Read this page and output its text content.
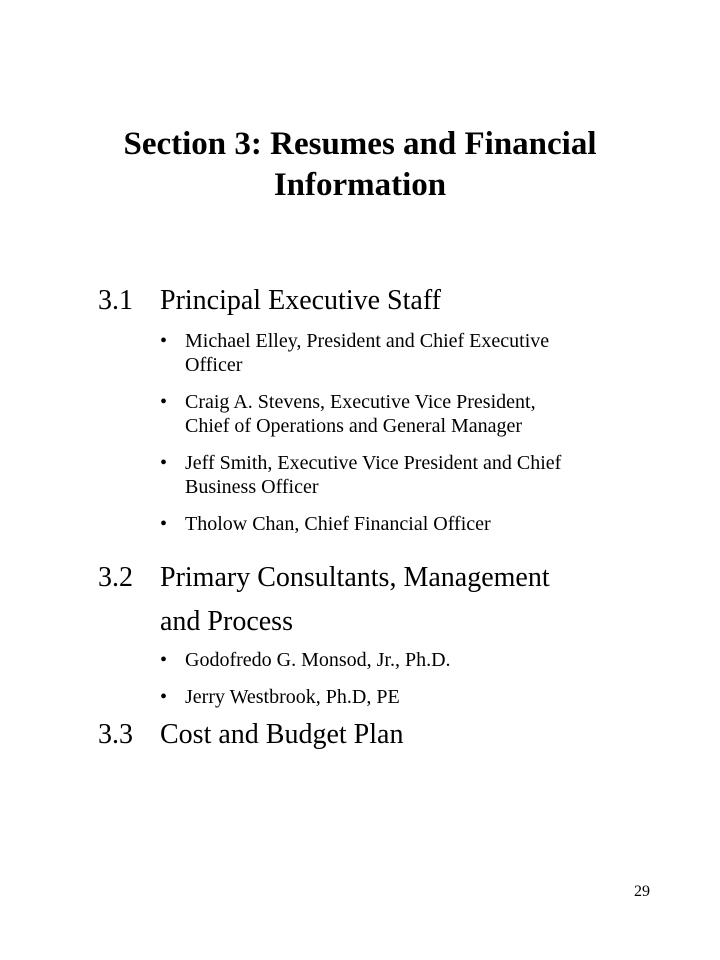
Section 3: Resumes and Financial
Information
3.1 Principal Executive Staff
• Michael Elley, President and Chief Executive
Officer
• Craig A. Stevens, Executive Vice President,
Chief of Operations and General Manager
• Jeff Smith, Executive Vice President and Chief
Business Officer
• Tholow Chan, Chief Financial Officer
3.2 Primary Consultants, Management
and Process
• Godofredo G. Monsod, Jr., Ph.D.
• Jerry Westbrook, Ph.D, PE
3.3 Cost and Budget Plan
29
